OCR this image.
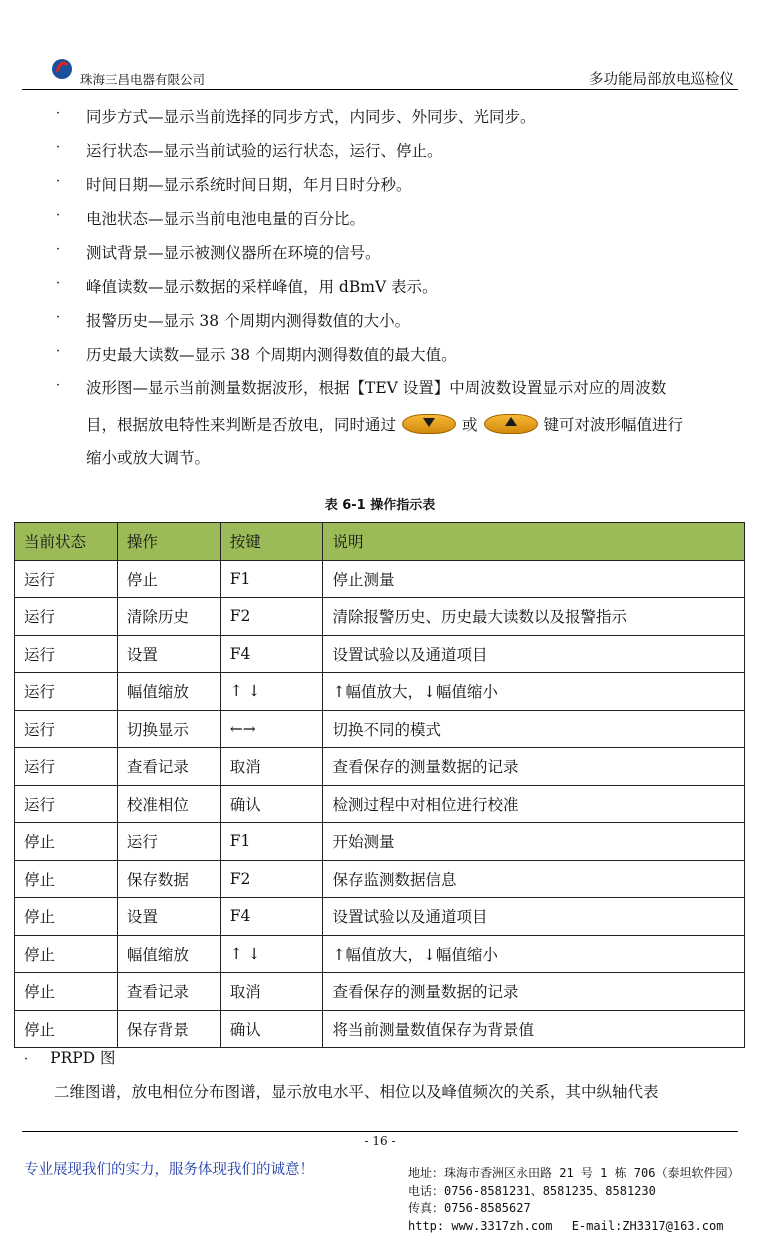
珠海三昌电器有限公司	多功能局部放电巡检仪
· 同步方式—显示当前选择的同步方式，内同步、外同步、光同步。
· 运行状态—显示当前试验的运行状态，运行、停止。
· 时间日期—显示系统时间日期，年月日时分秒。
· 电池状态—显示当前电池电量的百分比。
· 测试背景—显示被测仪器所在环境的信号。
· 峰值读数—显示数据的采样峰值，用 dBmV 表示。
· 报警历史—显示 38 个周期内测得数值的大小。
· 历史最大读数—显示 38 个周期内测得数值的最大值。
· 波形图—显示当前测量数据波形，根据【TEV 设置】中周波数设置显示对应的周波数
目，根据放电特性来判断是否放电，同时通过	或	键可对波形幅值进行
缩小或放大调节。
表 6-1 操作指示表
当前状态	操作	按键	说明
运行	停止	F1	停止测量
运行	清除历史	F2	清除报警历史、历史最大读数以及报警指示
运行	设置	F4	设置试验以及通道项目
运行	幅值缩放	↑ ↓	↑幅值放大，↓幅值缩小
运行	切换显示	←→	切换不同的模式
运行	查看记录	取消	查看保存的测量数据的记录
运行	校准相位	确认	检测过程中对相位进行校准
停止	运行	F1	开始测量
停止	保存数据	F2	保存监测数据信息
停止	设置	F4	设置试验以及通道项目
停止	幅值缩放	↑ ↓	↑幅值放大，↓幅值缩小
停止	查看记录	取消	查看保存的测量数据的记录
停止	保存背景	确认	将当前测量数值保存为背景值
· PRPD 图
二维图谱，放电相位分布图谱，显示放电水平、相位以及峰值频次的关系，其中纵轴代表
- 16 -
专业展现我们的实力，服务体现我们的诚意！	地址：珠海市香洲区永田路 21 号 1 栋 706（泰坦软件园）
电话：0756-8581231、8581235、8581230
传真：0756-8585627
http: www.3317zh.com　 E-mail:ZH3317@163.com
